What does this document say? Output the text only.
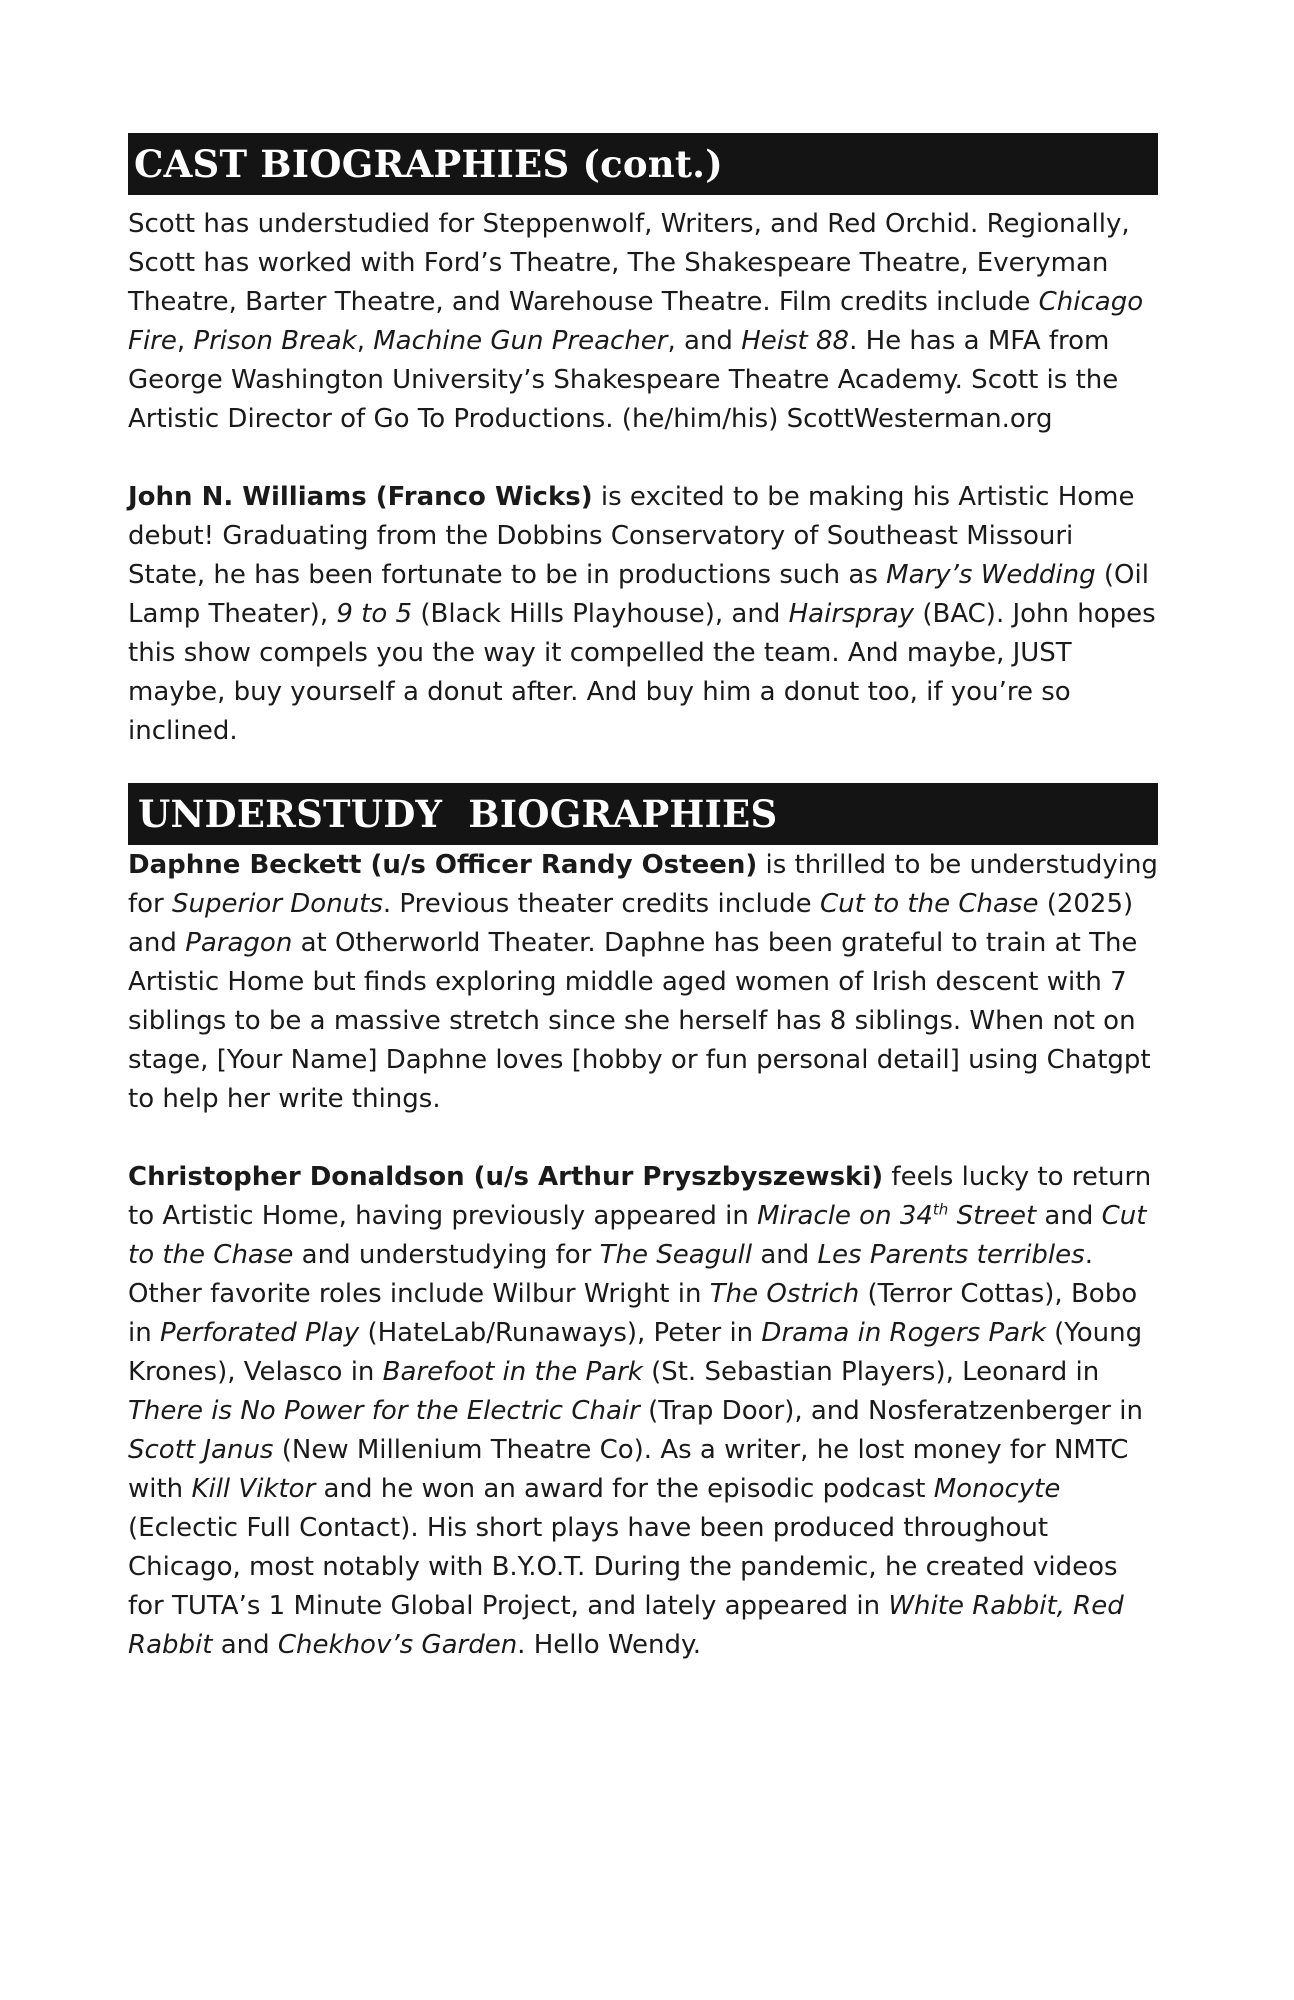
CAST BIOGRAPHIES (cont.)

Scott has understudied for Steppenwolf, Writers, and Red Orchid. Regionally, Scott has worked with Ford’s Theatre, The Shakespeare Theatre, Everyman Theatre, Barter Theatre, and Warehouse Theatre. Film credits include Chicago Fire, Prison Break, Machine Gun Preacher, and Heist 88. He has a MFA from George Washington University’s Shakespeare Theatre Academy. Scott is the Artistic Director of Go To Productions. (he/him/his) ScottWesterman.org

John N. Williams (Franco Wicks) is excited to be making his Artistic Home debut! Graduating from the Dobbins Conservatory of Southeast Missouri State, he has been fortunate to be in productions such as Mary’s Wedding (Oil Lamp Theater), 9 to 5 (Black Hills Playhouse), and Hairspray (BAC). John hopes this show compels you the way it compelled the team. And maybe, JUST maybe, buy yourself a donut after. And buy him a donut too, if you’re so inclined.

UNDERSTUDY  BIOGRAPHIES

Daphne Beckett (u/s Officer Randy Osteen) is thrilled to be understudying for Superior Donuts. Previous theater credits include Cut to the Chase (2025) and Paragon at Otherworld Theater. Daphne has been grateful to train at The Artistic Home but finds exploring middle aged women of Irish descent with 7 siblings to be a massive stretch since she herself has 8 siblings. When not on stage, [Your Name] Daphne loves [hobby or fun personal detail] using Chatgpt to help her write things.

Christopher Donaldson (u/s Arthur Pryszbyszewski) feels lucky to return to Artistic Home, having previously appeared in Miracle on 34th Street and Cut to the Chase and understudying for The Seagull and Les Parents terribles. Other favorite roles include Wilbur Wright in The Ostrich (Terror Cottas), Bobo in Perforated Play (HateLab/Runaways), Peter in Drama in Rogers Park (Young Krones), Velasco in Barefoot in the Park (St. Sebastian Players), Leonard in There is No Power for the Electric Chair (Trap Door), and Nosferatzenberger in Scott Janus (New Millenium Theatre Co). As a writer, he lost money for NMTC with Kill Viktor and he won an award for the episodic podcast Monocyte (Eclectic Full Contact). His short plays have been produced throughout Chicago, most notably with B.Y.O.T. During the pandemic, he created videos for TUTA’s 1 Minute Global Project, and lately appeared in White Rabbit, Red Rabbit and Chekhov’s Garden. Hello Wendy.
